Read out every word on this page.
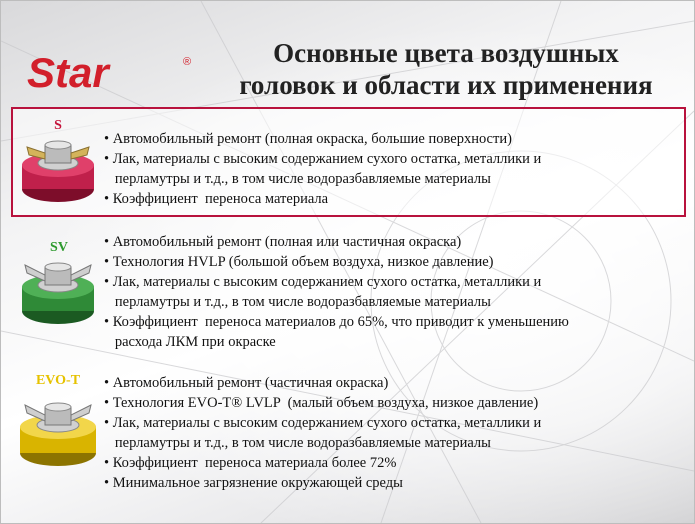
Star	®	Основные цвета воздушных
головок и области их применения
S
• Автомобильный ремонт (полная окраска, большие поверхности)
• Лак, материалы с высоким содержанием сухого остатка, металлики и
перламутры и т.д., в том числе водоразбавляемые материалы
• Коэффициент  переноса материала
SV	• Автомобильный ремонт (полная или частичная окраска)
• Технология HVLP (большой объем воздуха, низкое давление)
• Лак, материалы с высоким содержанием сухого остатка, металлики и
перламутры и т.д., в том числе водоразбавляемые материалы
• Коэффициент  переноса материалов до 65%, что приводит к уменьшению
расхода ЛКМ при окраске
EVO-T	• Автомобильный ремонт (частичная окраска)
• Технология EVO-T® LVLP  (малый объем воздуха, низкое давление)
• Лак, материалы с высоким содержанием сухого остатка, металлики и
перламутры и т.д., в том числе водоразбавляемые материалы
• Коэффициент  переноса материала более 72%
• Минимальное загрязнение окружающей среды
